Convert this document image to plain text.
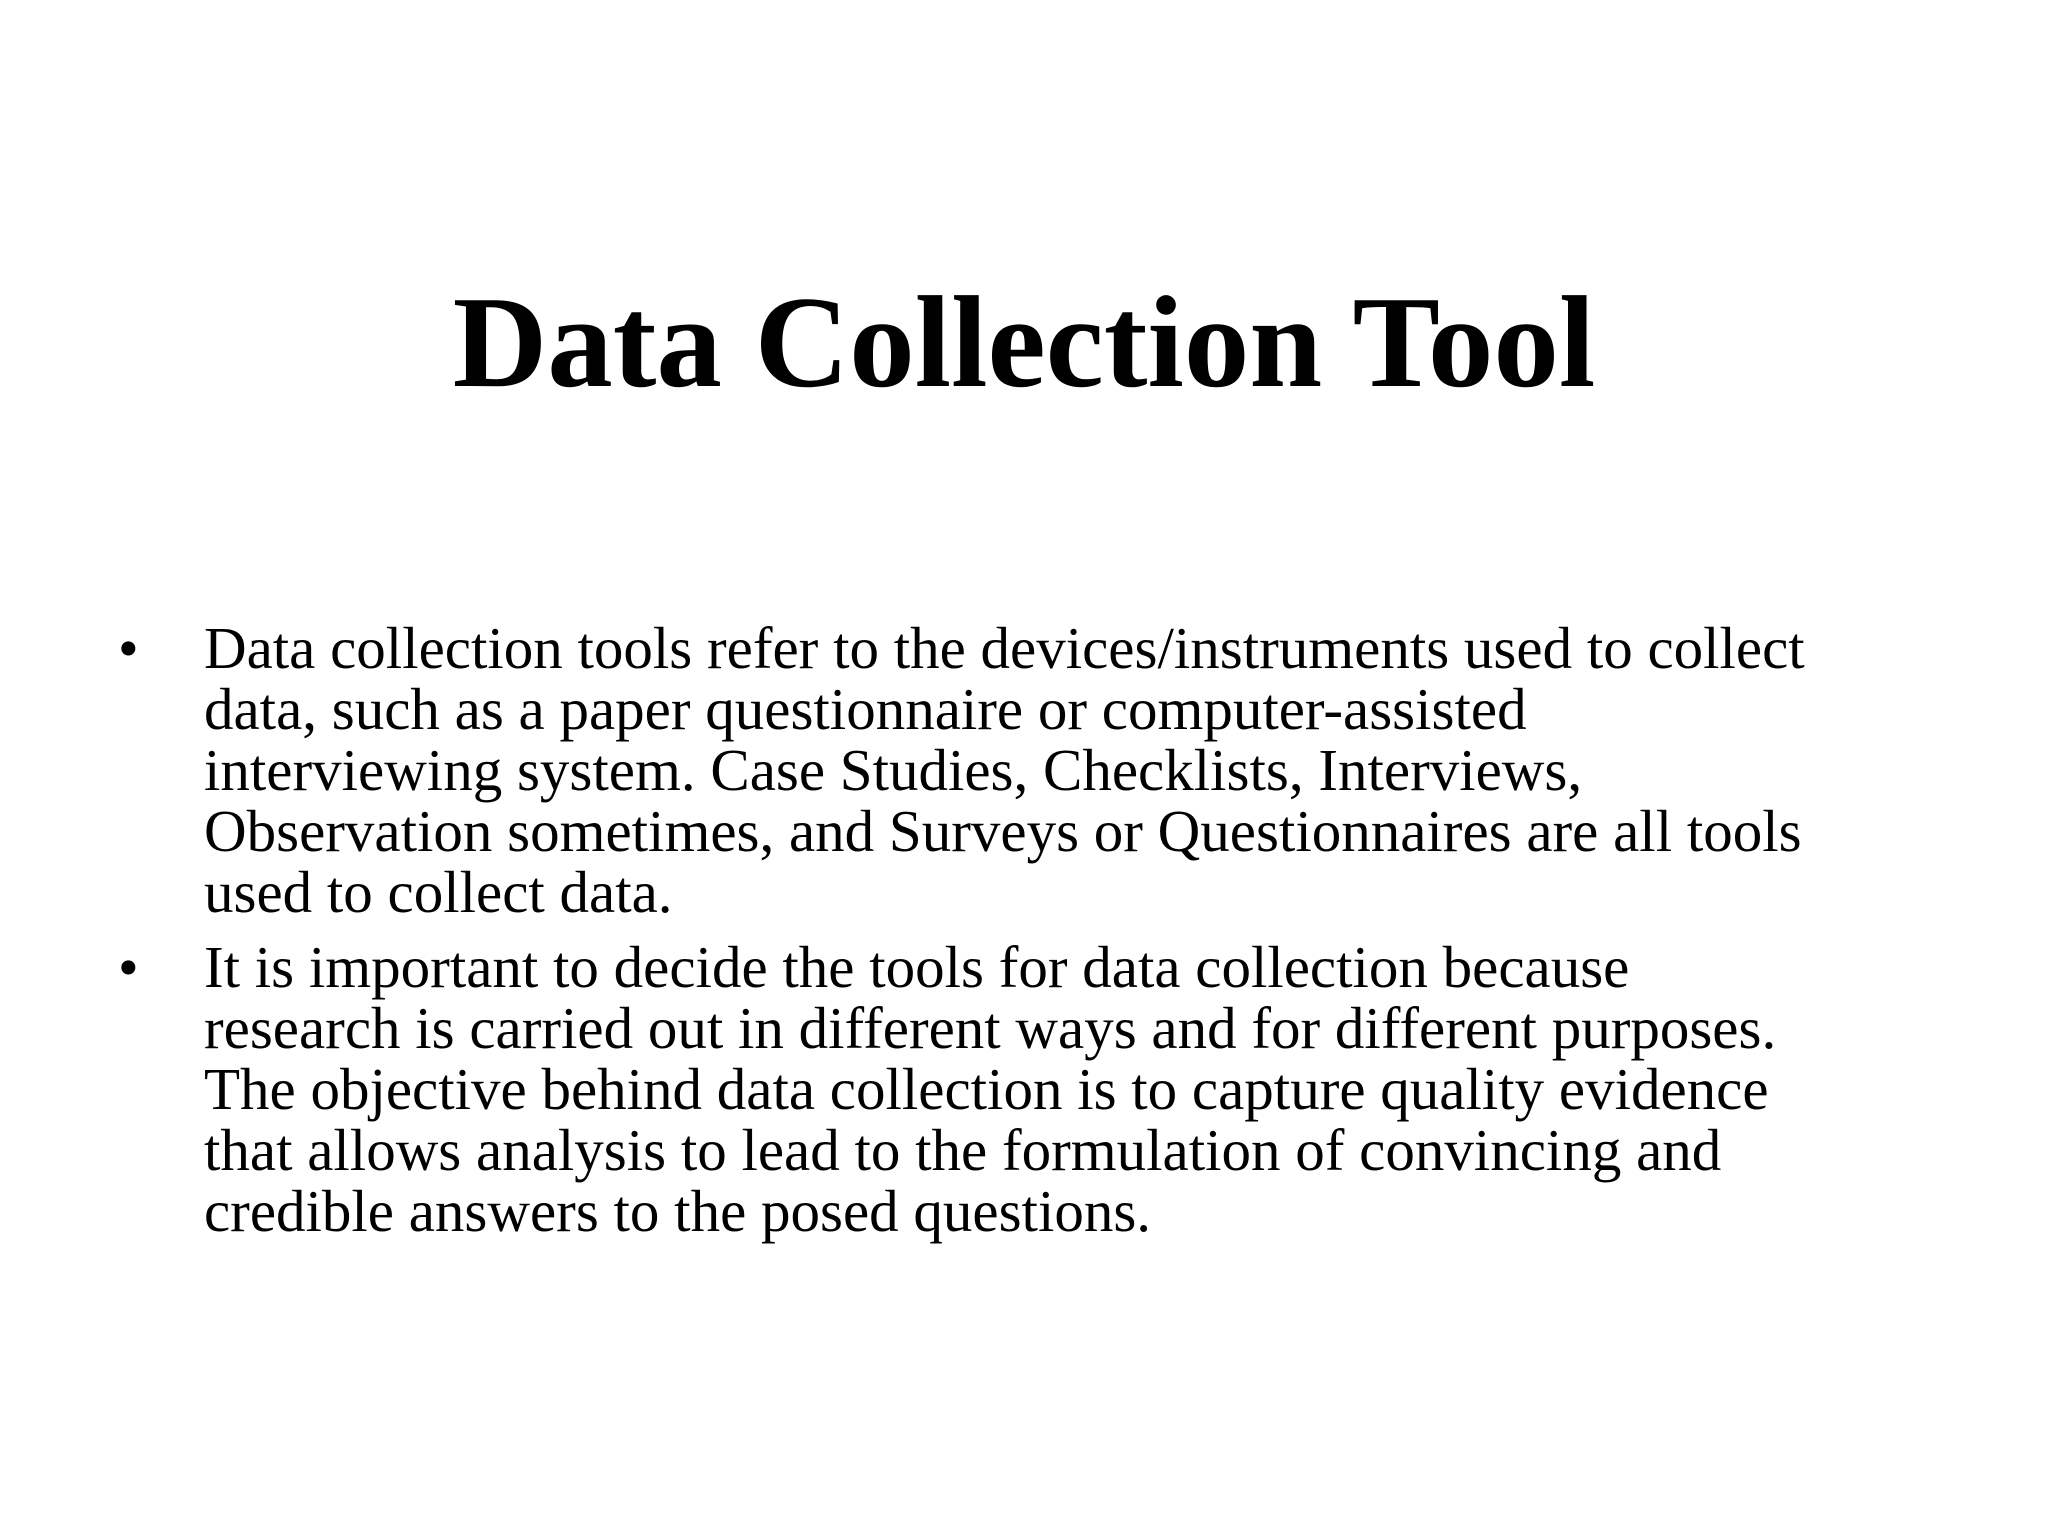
Data Collection Tool
•	Data collection tools refer to the devices/instruments used to collect
data, such as a paper questionnaire or computer-assisted
interviewing system. Case Studies, Checklists, Interviews,
Observation sometimes, and Surveys or Questionnaires are all tools
used to collect data.
•	It is important to decide the tools for data collection because
research is carried out in different ways and for different purposes.
The objective behind data collection is to capture quality evidence
that allows analysis to lead to the formulation of convincing and
credible answers to the posed questions.
